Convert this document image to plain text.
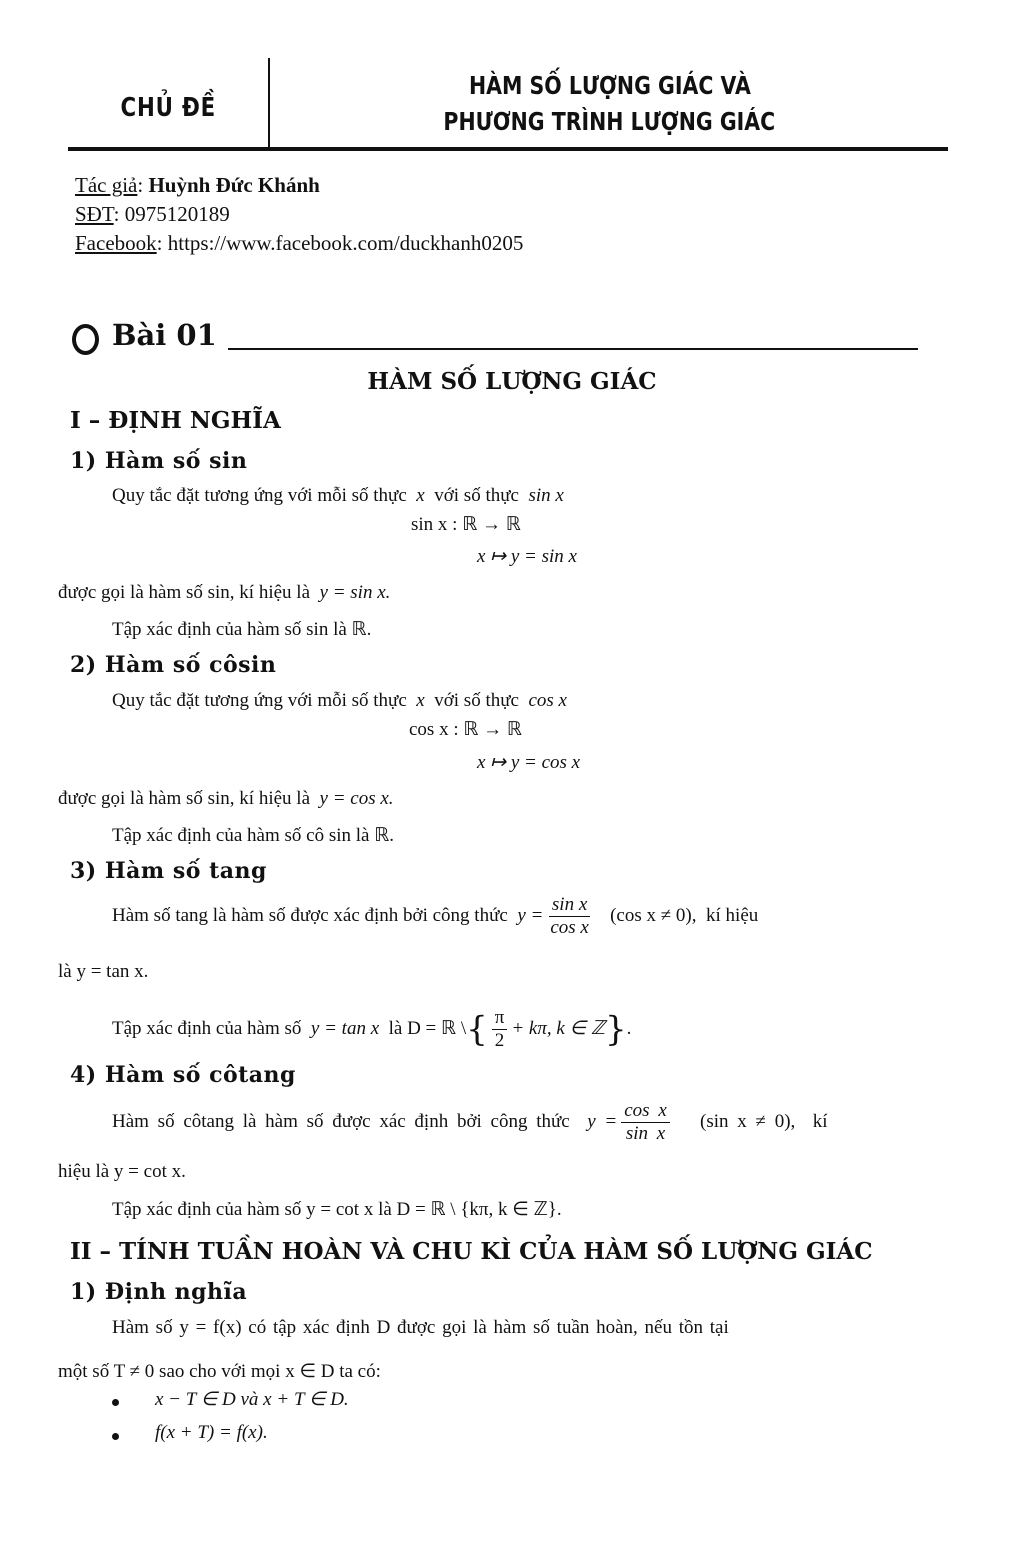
CHỦ ĐỀ
HÀM SỐ LƯỢNG GIÁC VÀ
PHƯƠNG TRÌNH LƯỢNG GIÁC
Tác giả: Huỳnh Đức Khánh
SĐT: 0975120189
Facebook: https://www.facebook.com/duckhanh0205
Bài 01
HÀM SỐ LƯỢNG GIÁC
I – ĐỊNH NGHĨA
1) Hàm số sin
Quy tắc đặt tương ứng với mỗi số thực x với số thực sin x
sin x : ℝ → ℝ
x ↦ y = sin x
được gọi là hàm số sin, kí hiệu là y = sin x.
Tập xác định của hàm số sin là ℝ.
2) Hàm số côsin
Quy tắc đặt tương ứng với mỗi số thực x với số thực cos x
cos x : ℝ → ℝ
x ↦ y = cos x
được gọi là hàm số sin, kí hiệu là y = cos x.
Tập xác định của hàm số cô sin là ℝ.
3) Hàm số tang
Hàm số tang là hàm số được xác định bởi công thức $y = \frac{\text{sin x}}{\text{cos x}} (\cos$ x ≠ 0), kí hiệu
là y = tan x.
Tập xác định của hàm số y = tan x là D = ℝ \{ $\frac{\pi}{2} + k\pi$, k ∈ ℤ}.
4) Hàm số côtang
Hàm số côtang là hàm số được xác định bởi công thức $y = \frac{\text{cos x}}{\text{sin x}} (\sin$ x ≠ 0), kí
hiệu là y = cot x.
Tập xác định của hàm số y = cot x là D = ℝ \ {kπ, k ∈ ℤ}.
II – TÍNH TUẦN HOÀN VÀ CHU KÌ CỦA HÀM SỐ LƯỢNG GIÁC
1) Định nghĩa
Hàm số y = f(x) có tập xác định D được gọi là hàm số tuần hoàn, nếu tồn tại
một số T ≠ 0 sao cho với mọi x ∈ D ta có:
x − T ∈ D và x + T ∈ D.
f(x + T) = f(x).
